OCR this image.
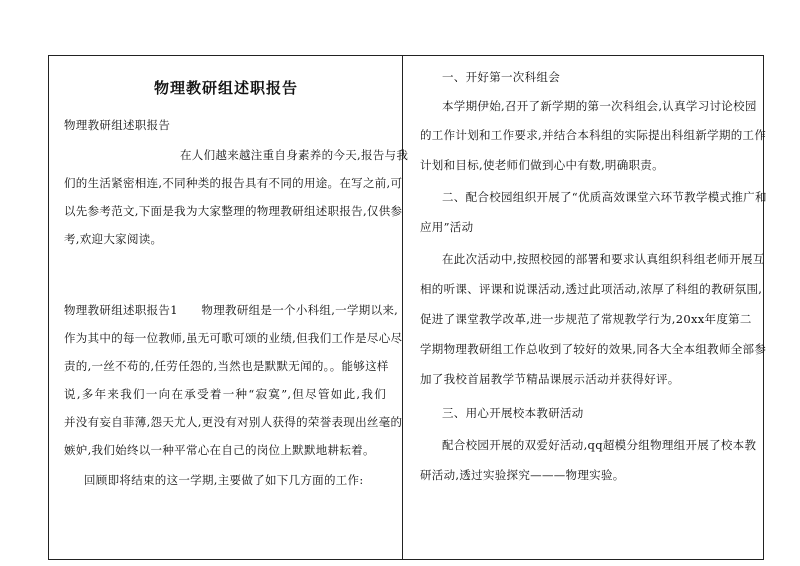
物理教研组述职报告
物理教研组述职报告
在人们越来越注重自身素养的今天,报告与我
们的生活紧密相连,不同种类的报告具有不同的用途。在写之前,可
以先参考范文,下面是我为大家整理的物理教研组述职报告,仅供参
考,欢迎大家阅读。
物理教研组述职报告1　　物理教研组是一个小科组,一学期以来,
作为其中的每一位教师,虽无可歌可颂的业绩,但我们工作是尽心尽
责的,一丝不苟的,任劳任怨的,当然也是默默无闻的。。能够这样
说,多年来我们一向在承受着一种“寂寞”,但尽管如此,我们
并没有妄自菲薄,怨天尤人,更没有对别人获得的荣誉表现出丝毫的
嫉妒,我们始终以一种平常心在自己的岗位上默默地耕耘着。
回顾即将结束的这一学期,主要做了如下几方面的工作:
一、开好第一次科组会
本学期伊始,召开了新学期的第一次科组会,认真学习讨论校园
的工作计划和工作要求,并结合本科组的实际提出科组新学期的工作
计划和目标,使老师们做到心中有数,明确职责。
二、配合校园组织开展了“优质高效课堂六环节教学模式推广和
应用”活动
在此次活动中,按照校园的部署和要求认真组织科组老师开展互
相的听课、评课和说课活动,透过此项活动,浓厚了科组的教研氛围,
促进了课堂教学改革,进一步规范了常规教学行为,20xx年度第二
学期物理教研组工作总收到了较好的效果,同各大全本组教师全部参
加了我校首届教学节精品课展示活动并获得好评。
三、用心开展校本教研活动
配合校园开展的双爱好活动,qq超模分组物理组开展了校本教
研活动,透过实验探究———物理实验。
